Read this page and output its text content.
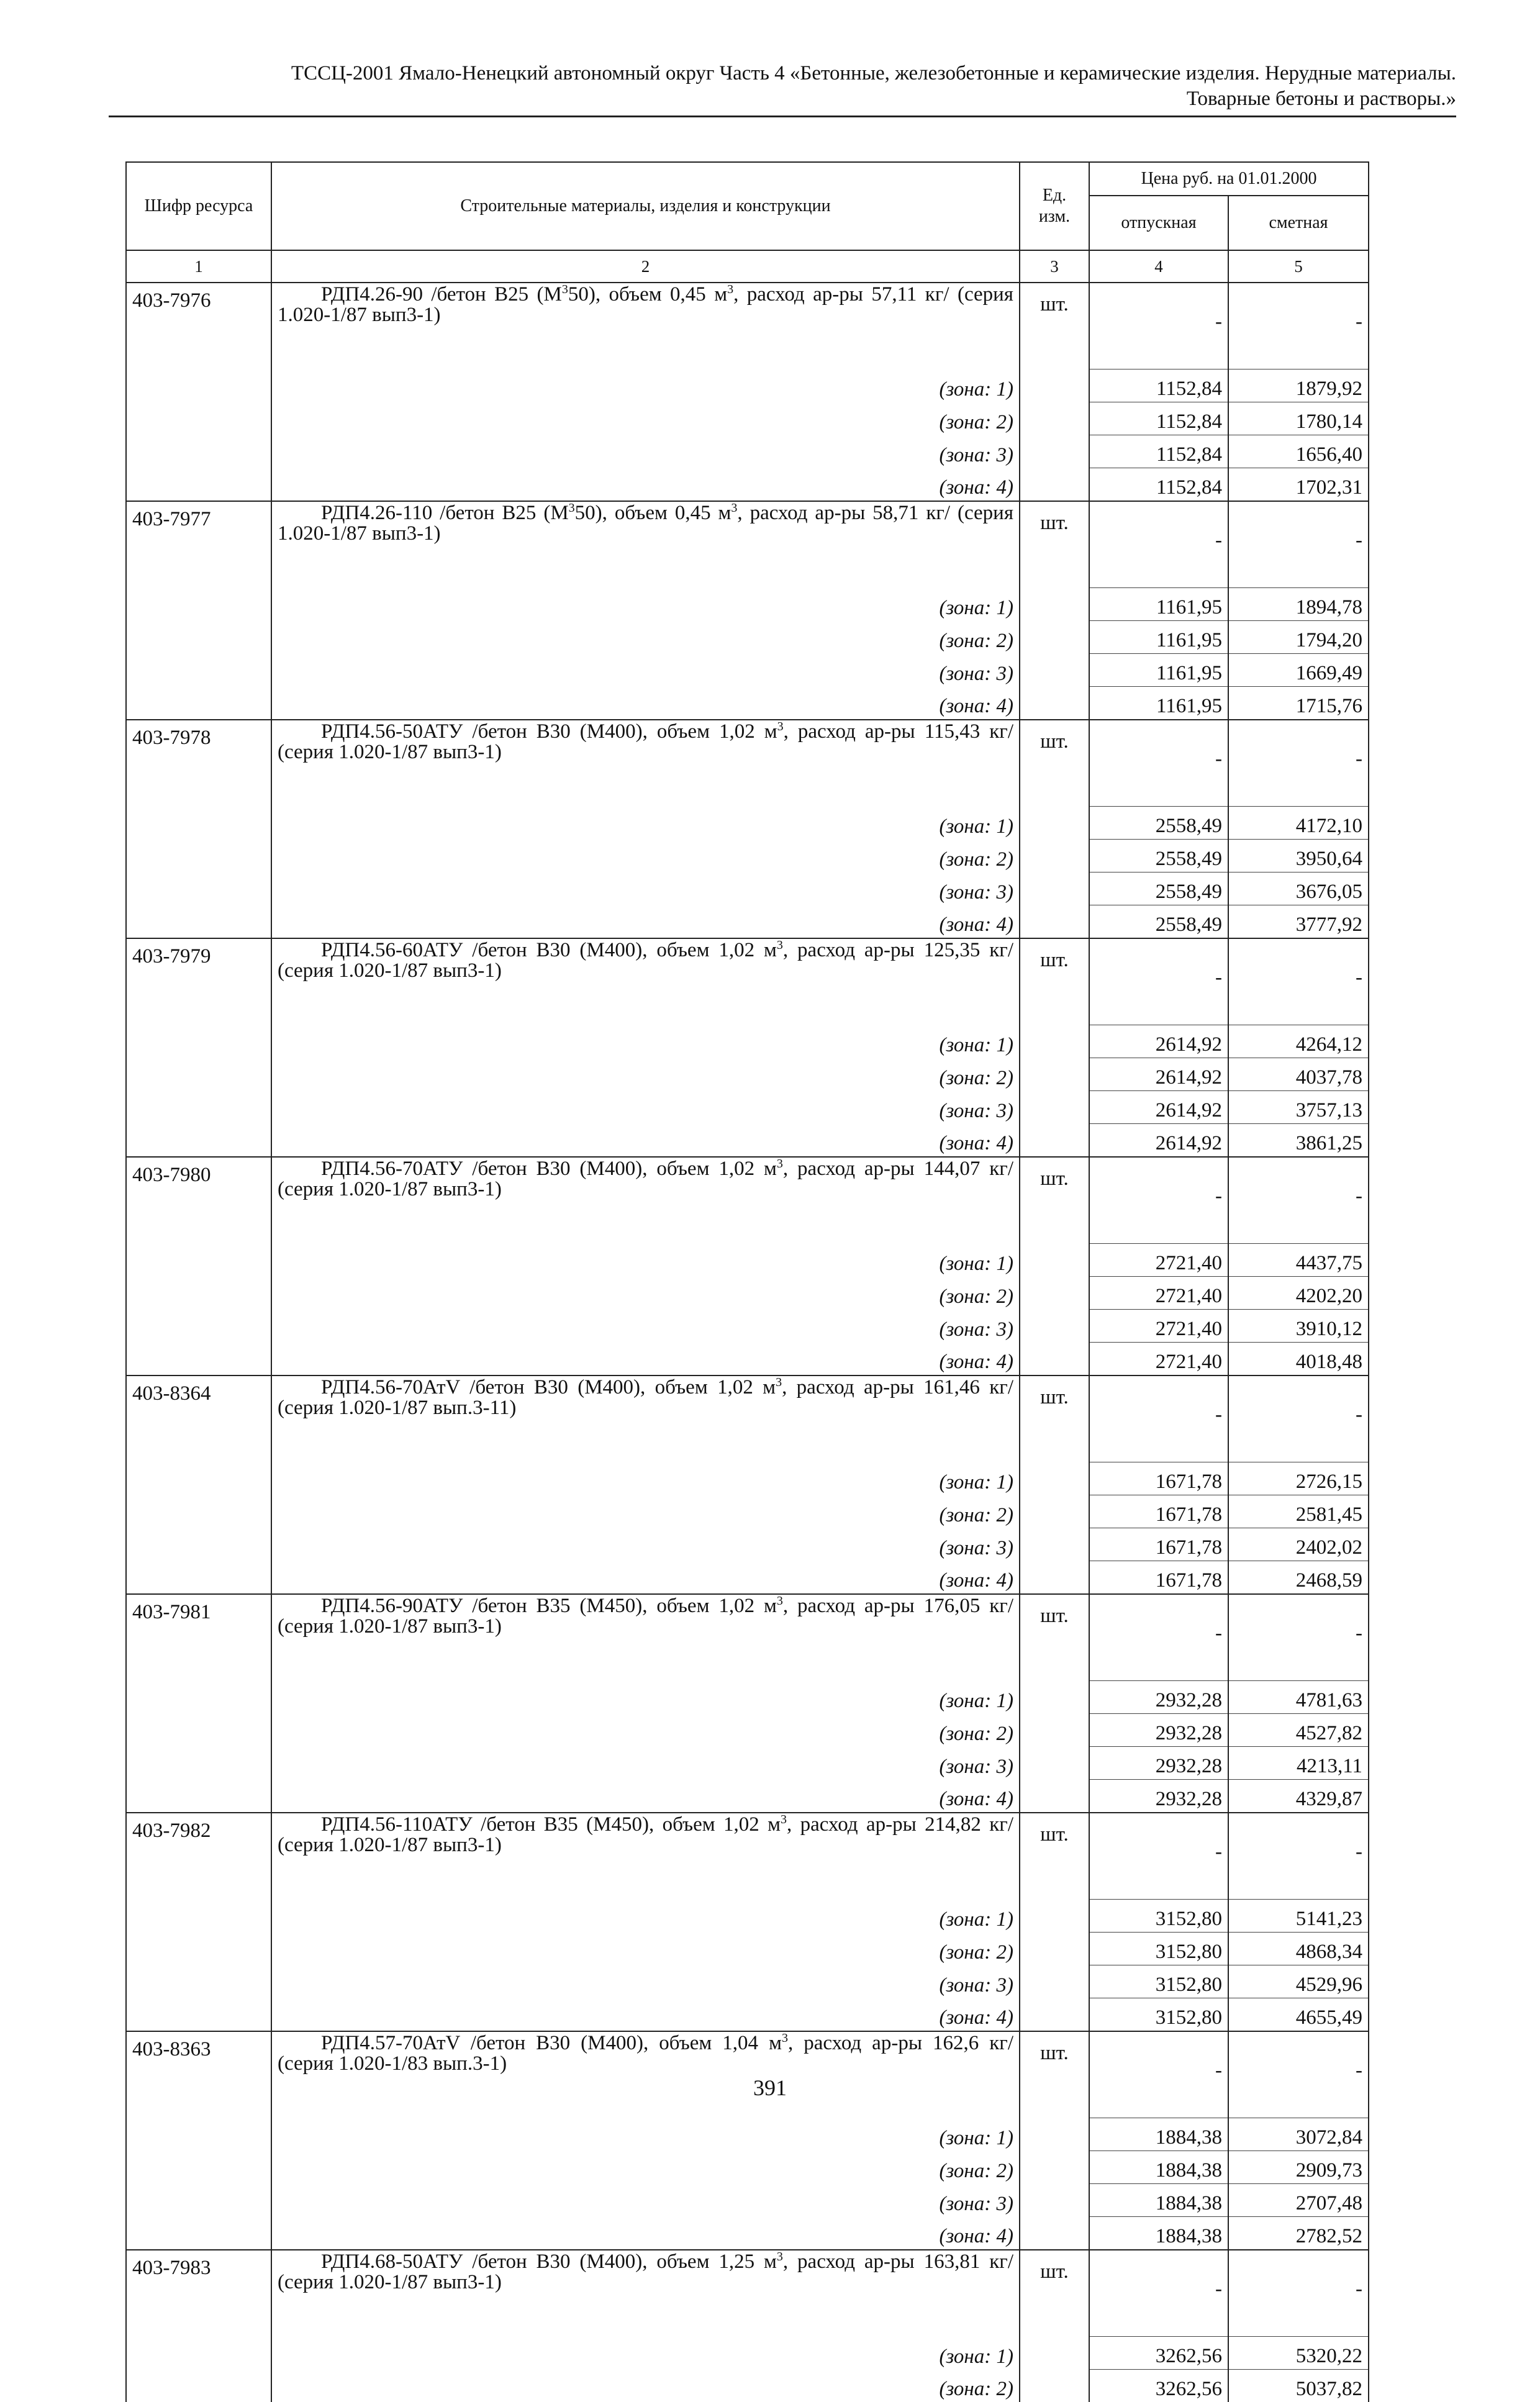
ТССЦ-2001 Ямало-Ненецкий автономный округ Часть 4 «Бетонные, железобетонные и керамические изделия. Нерудные материалы.
Товарные бетоны и растворы.»
Шифр ресурса	Строительные материалы, изделия и конструкции	Ед. изм.	Цена руб. на 01.01.2000	
			отпускная	сметная
1	2	3	4	5
403-7976	РДП4.26-90 /бетон В25 $(М^350)$, объем 0,45 $м^3$, расход ар-ры 57,11 кг/ (серия 1.020-1/87 вып3-1)	шт.	-	-
	(зона: 1)		1152,84	1879,92
	(зона: 2)		1152,84	1780,14
	(зона: 3)		1152,84	1656,40
	(зона: 4)		1152,84	1702,31
403-7977	РДП4.26-110 /бетон В25 $(М^350)$, объем 0,45 $м^3$, расход ар-ры 58,71 кг/ (серия 1.020-1/87 вып3-1)	шт.	-	-
	(зона: 1)		1161,95	1894,78
	(зона: 2)		1161,95	1794,20
	(зона: 3)		1161,95	1669,49
	(зона: 4)		1161,95	1715,76
403-7978	РДП4.56-50АТУ /бетон В30 (М400), объем 1,02 $м^3$, расход ар-ры 115,43 кг/ (серия 1.020-1/87 вып3-1)	шт.	-	-
	(зона: 1)		2558,49	4172,10
	(зона: 2)		2558,49	3950,64
	(зона: 3)		2558,49	3676,05
	(зона: 4)		2558,49	3777,92
403-7979	РДП4.56-60АТУ /бетон В30 (М400), объем 1,02 $м^3$, расход ар-ры 125,35 кг/ (серия 1.020-1/87 вып3-1)	шт.	-	-
	(зона: 1)		2614,92	4264,12
	(зона: 2)		2614,92	4037,78
	(зона: 3)		2614,92	3757,13
	(зона: 4)		2614,92	3861,25
403-7980	РДП4.56-70АТУ /бетон В30 (М400), объем 1,02 $м^3$, расход ар-ры 144,07 кг/ (серия 1.020-1/87 вып3-1)	шт.	-	-
	(зона: 1)		2721,40	4437,75
	(зона: 2)		2721,40	4202,20
	(зона: 3)		2721,40	3910,12
	(зона: 4)		2721,40	4018,48
403-8364	РДП4.56-70АтV /бетон В30 (М400), объем 1,02 $м^3$, расход ар-ры 161,46 кг/ (серия 1.020-1/87 вып.3-11)	шт.	-	-
	(зона: 1)		1671,78	2726,15
	(зона: 2)		1671,78	2581,45
	(зона: 3)		1671,78	2402,02
	(зона: 4)		1671,78	2468,59
403-7981	РДП4.56-90АТУ /бетон В35 (М450), объем 1,02 $м^3$, расход ар-ры 176,05 кг/ (серия 1.020-1/87 вып3-1)	шт.	-	-
	(зона: 1)		2932,28	4781,63
	(зона: 2)		2932,28	4527,82
	(зона: 3)		2932,28	4213,11
	(зона: 4)		2932,28	4329,87
403-7982	РДП4.56-110АТУ /бетон В35 (М450), объем 1,02 $м^3$, расход ар-ры 214,82 кг/ (серия 1.020-1/87 вып3-1)	шт.	-	-
	(зона: 1)		3152,80	5141,23
	(зона: 2)		3152,80	4868,34
	(зона: 3)		3152,80	4529,96
	(зона: 4)		3152,80	4655,49
403-8363	РДП4.57-70АтV /бетон В30 (М400), объем 1,04 $м^3$, расход ар-ры 162,6 кг/ (серия 1.020-1/83 вып.3-1)	шт.	-	-
	(зона: 1)		1884,38	3072,84
	(зона: 2)		1884,38	2909,73
	(зона: 3)		1884,38	2707,48
	(зона: 4)		1884,38	2782,52
403-7983	РДП4.68-50АТУ /бетон В30 (М400), объем 1,25 $м^3$, расход ар-ры 163,81 кг/ (серия 1.020-1/87 вып3-1)	шт.	-	-
	(зона: 1)		3262,56	5320,22
	(зона: 2)		3262,56	5037,82
391
